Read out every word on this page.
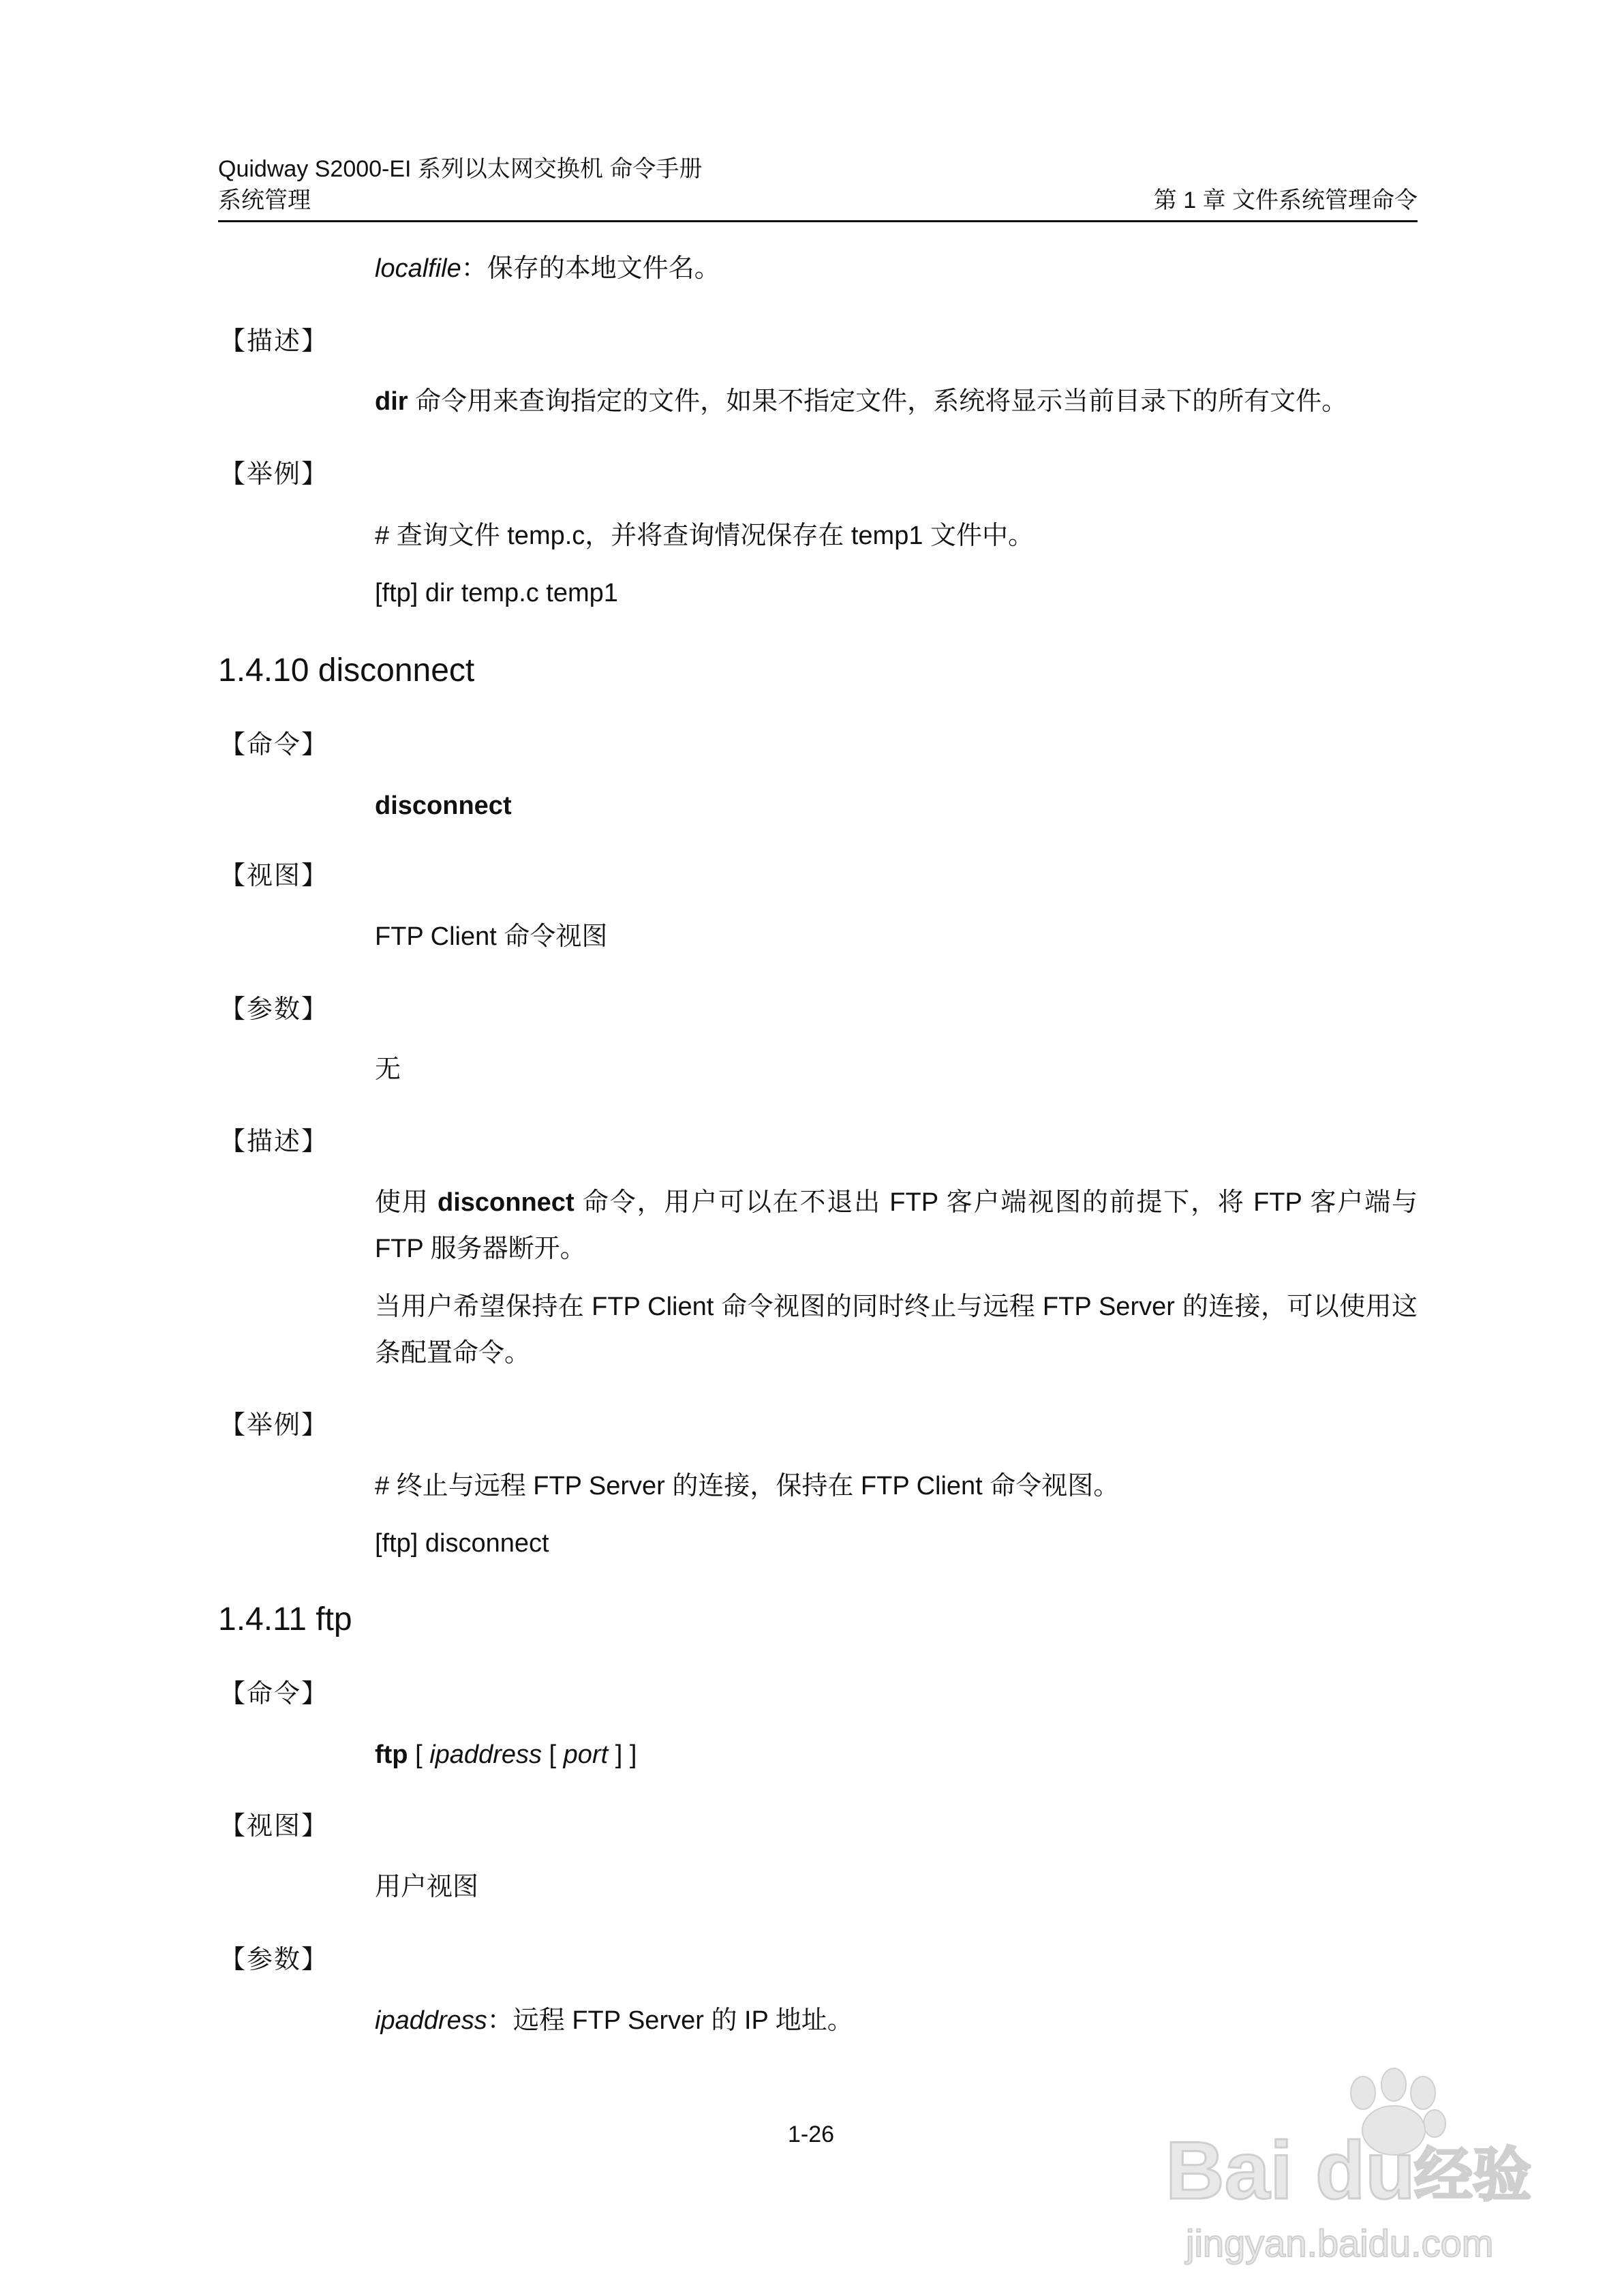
Quidway S2000-EI 系列以太网交换机 命令手册
系统管理	第 1 章 文件系统管理命令
localfile：保存的本地文件名。
【描述】
dir 命令用来查询指定的文件，如果不指定文件，系统将显示当前目录下的所有文件。
【举例】
# 查询文件 temp.c，并将查询情况保存在 temp1 文件中。
[ftp] dir temp.c temp1
1.4.10 disconnect
【命令】
disconnect
【视图】
FTP Client 命令视图
【参数】
无
【描述】
使用 disconnect 命令，用户可以在不退出 FTP 客户端视图的前提下，将 FTP 客户端与 FTP 服务器断开。
当用户希望保持在 FTP Client 命令视图的同时终止与远程 FTP Server 的连接，可以使用这条配置命令。
【举例】
# 终止与远程 FTP Server 的连接，保持在 FTP Client 命令视图。
[ftp] disconnect
1.4.11 ftp
【命令】
ftp [ ipaddress [ port ] ]
【视图】
用户视图
【参数】
ipaddress：远程 FTP Server 的 IP 地址。
1-26	Bai du
经验
jingyan.baidu.com
